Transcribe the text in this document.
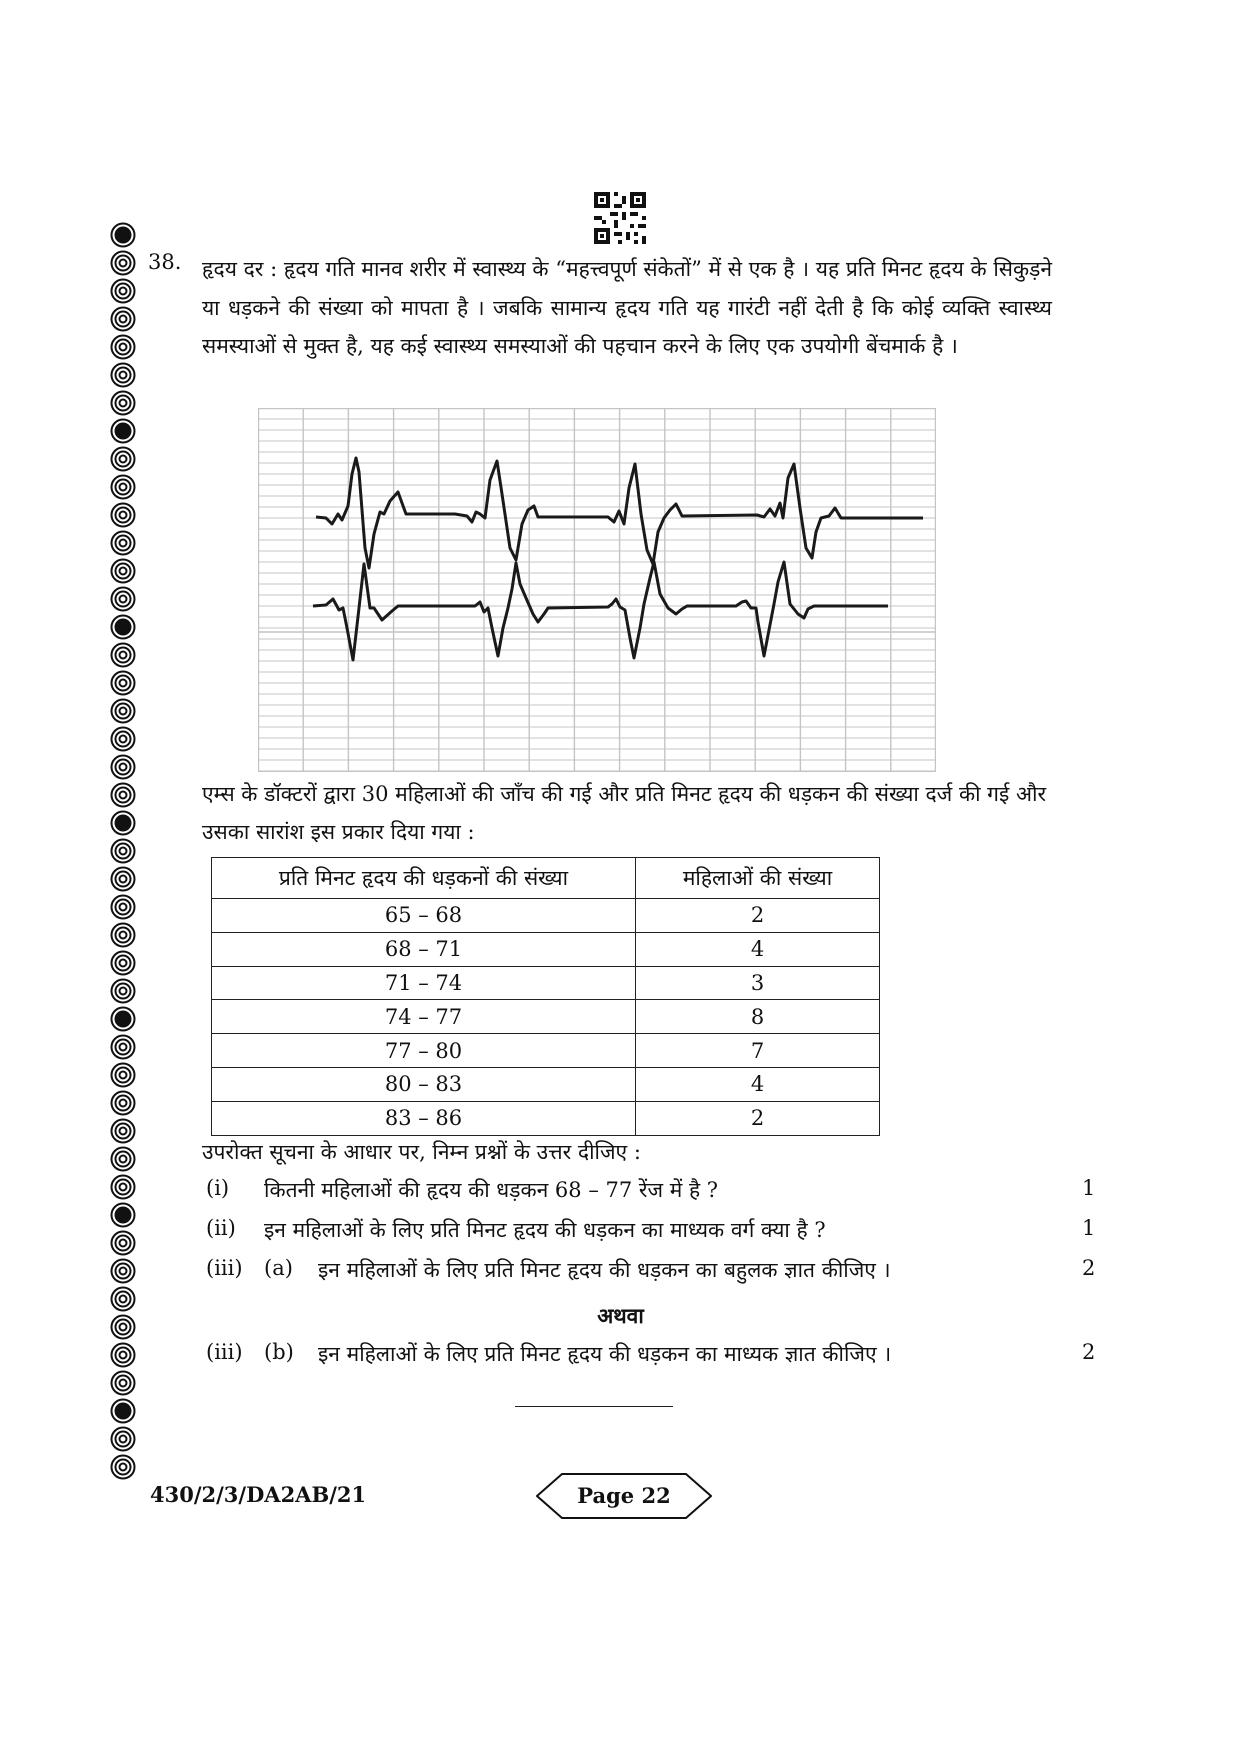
38. हृदय दर : हृदय गति मानव शरीर में स्वास्थ्य के “महत्त्वपूर्ण संकेतों” में से एक है । यह प्रति मिनट हृदय के सिकुड़ने या धड़कने की संख्या को मापता है । जबकि सामान्य हृदय गति यह गारंटी नहीं देती है कि कोई व्यक्ति स्वास्थ्य समस्याओं से मुक्त है, यह कई स्वास्थ्य समस्याओं की पहचान करने के लिए एक उपयोगी बेंचमार्क है ।
एम्स के डॉक्टरों द्वारा 30 महिलाओं की जाँच की गई और प्रति मिनट हृदय की धड़कन की संख्या दर्ज की गई और उसका सारांश इस प्रकार दिया गया :
प्रति मिनट हृदय की धड़कनों की संख्या	महिलाओं की संख्या
65 – 68	2
68 – 71	4
71 – 74	3
74 – 77	8
77 – 80	7
80 – 83	4
83 – 86	2
उपरोक्त सूचना के आधार पर, निम्न प्रश्नों के उत्तर दीजिए :
(i) कितनी महिलाओं की हृदय की धड़कन 68 – 77 रेंज में है ?	1
(ii) इन महिलाओं के लिए प्रति मिनट हृदय की धड़कन का माध्यक वर्ग क्या है ?	1
(iii) (a) इन महिलाओं के लिए प्रति मिनट हृदय की धड़कन का बहुलक ज्ञात कीजिए ।	2
अथवा
(iii) (b) इन महिलाओं के लिए प्रति मिनट हृदय की धड़कन का माध्यक ज्ञात कीजिए ।	2
430/2/3/DA2AB/21	Page 22
